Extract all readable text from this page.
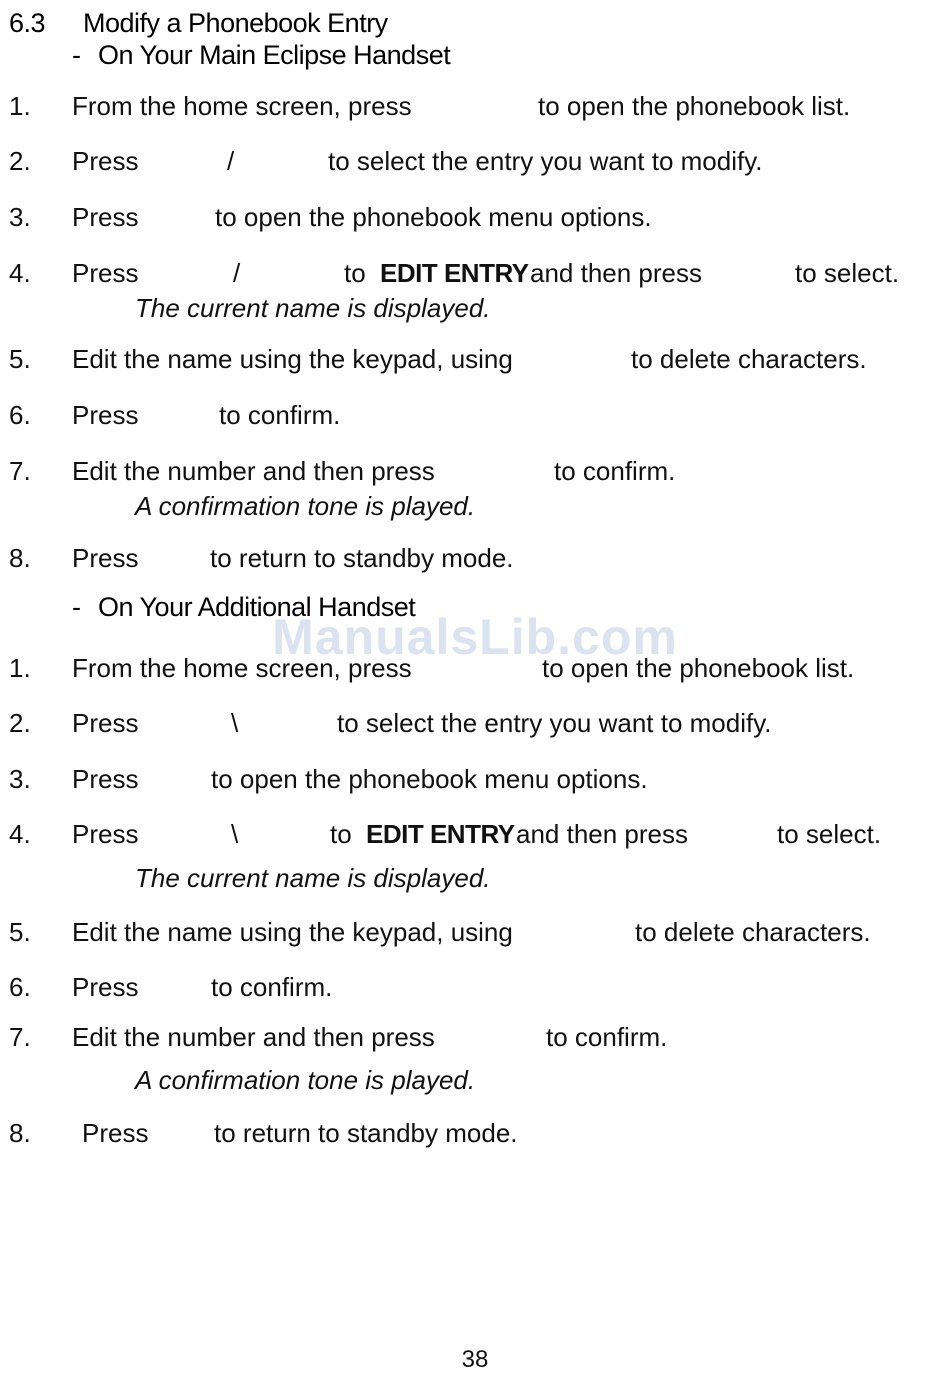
6.3 Modify a Phonebook Entry
- On Your Main Eclipse Handset
1. From the home screen, press	to open the phonebook list.
2. Press	/	to select the entry you want to modify.
3. Press	to open the phonebook menu options.
4. Press	/	to EDIT ENTRY and then press	to select.
The current name is displayed.
5. Edit the name using the keypad, using	to delete characters.
6. Press	to confirm.
7. Edit the number and then press	to confirm.
A confirmation tone is played.
8. Press	to return to standby mode.
- On Your Additional Handset
ManualsLib.com
1. From the home screen, press	to open the phonebook list.
2. Press	\	to select the entry you want to modify.
3. Press	to open the phonebook menu options.
4. Press	\	to EDIT ENTRY and then press	to select.
The current name is displayed.
5. Edit the name using the keypad, using	to delete characters.
6. Press	to confirm.
7. Edit the number and then press	to confirm.
A confirmation tone is played.
8. Press	to return to standby mode.
38
